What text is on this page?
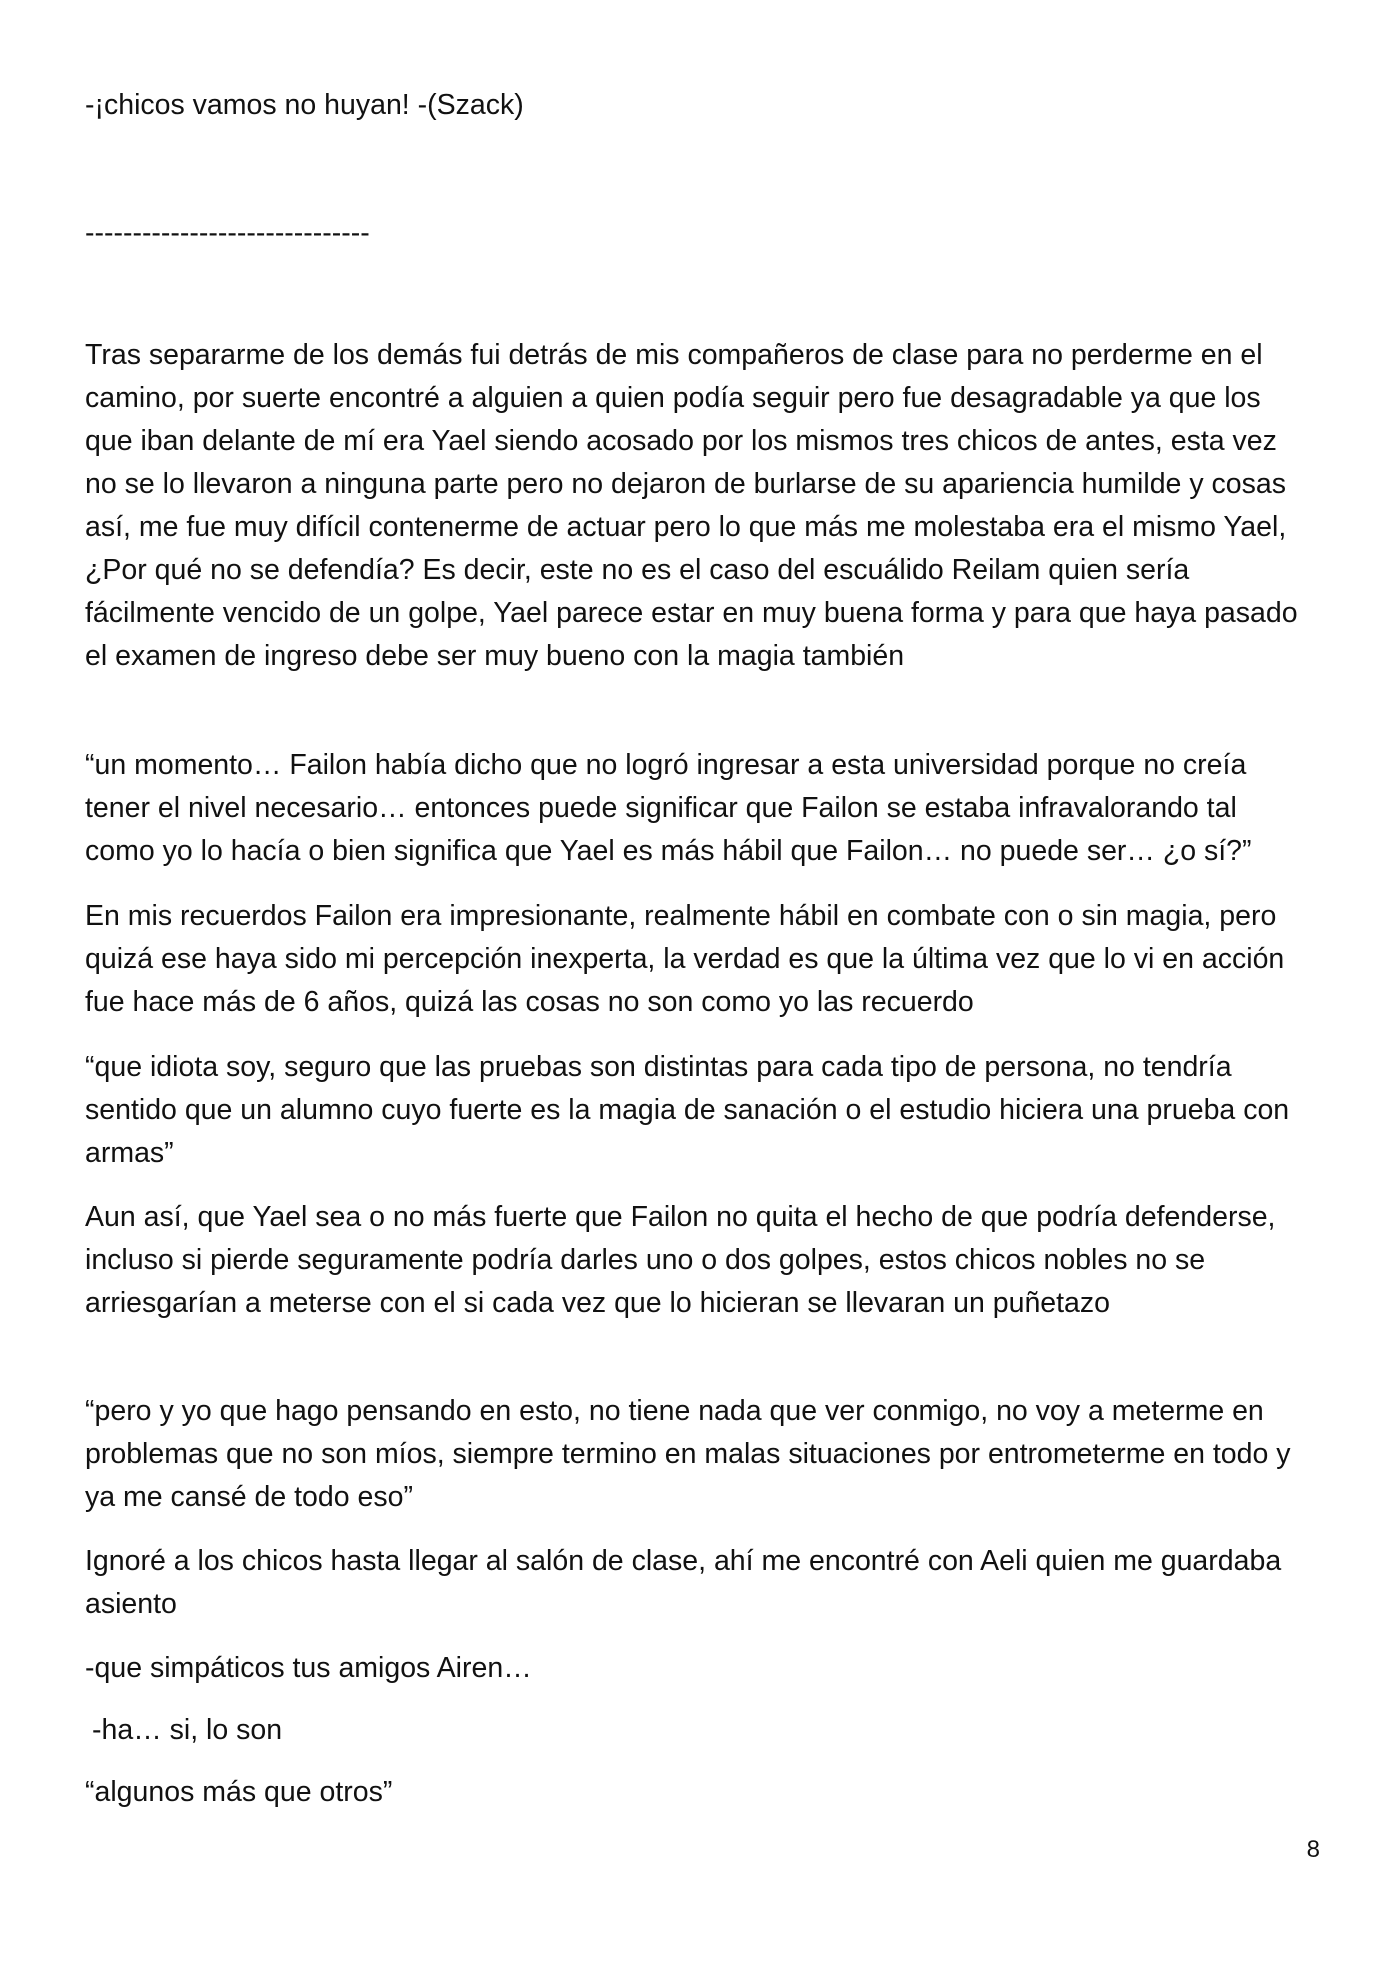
-¡chicos vamos no huyan! -(Szack)

------------------------------

Tras separarme de los demás fui detrás de mis compañeros de clase para no perderme en el camino, por suerte encontré a alguien a quien podía seguir pero fue desagradable ya que los que iban delante de mí era Yael siendo acosado por los mismos tres chicos de antes, esta vez no se lo llevaron a ninguna parte pero no dejaron de burlarse de su apariencia humilde y cosas así, me fue muy difícil contenerme de actuar pero lo que más me molestaba era el mismo Yael, ¿Por qué no se defendía? Es decir, este no es el caso del escuálido Reilam quien sería fácilmente vencido de un golpe, Yael parece estar en muy buena forma y para que haya pasado el examen de ingreso debe ser muy bueno con la magia también

“un momento… Failon había dicho que no logró ingresar a esta universidad porque no creía tener el nivel necesario… entonces puede significar que Failon se estaba infravalorando tal como yo lo hacía o bien significa que Yael es más hábil que Failon… no puede ser… ¿o sí?”

En mis recuerdos Failon era impresionante, realmente hábil en combate con o sin magia, pero quizá ese haya sido mi percepción inexperta, la verdad es que la última vez que lo vi en acción fue hace más de 6 años, quizá las cosas no son como yo las recuerdo

“que idiota soy, seguro que las pruebas son distintas para cada tipo de persona, no tendría sentido que un alumno cuyo fuerte es la magia de sanación o el estudio hiciera una prueba con armas”

Aun así, que Yael sea o no más fuerte que Failon no quita el hecho de que podría defenderse, incluso si pierde seguramente podría darles uno o dos golpes, estos chicos nobles no se arriesgarían a meterse con el si cada vez que lo hicieran se llevaran un puñetazo

“pero y yo que hago pensando en esto, no tiene nada que ver conmigo, no voy a meterme en problemas que no son míos, siempre termino en malas situaciones por entrometerme en todo y ya me cansé de todo eso”

Ignoré a los chicos hasta llegar al salón de clase, ahí me encontré con Aeli quien me guardaba asiento

-que simpáticos tus amigos Airen…

-ha… si, lo son

“algunos más que otros”

8
